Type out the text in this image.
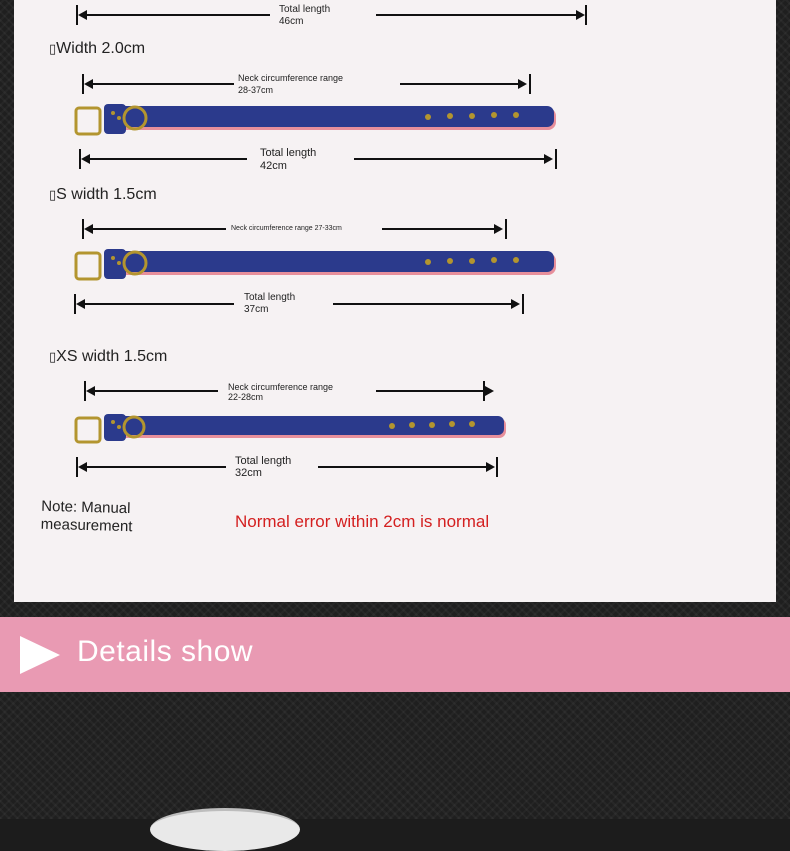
Total length
46cm
▯Width 2.0cm
Neck circumference range
28-37cm
Total length
42cm
▯S width 1.5cm
Neck circumference range 27-33cm
Total length
37cm
▯XS width 1.5cm
Neck circumference range
22-28cm
Total length
32cm
Note: Manual
measurement	Normal error within 2cm is normal
Details show
